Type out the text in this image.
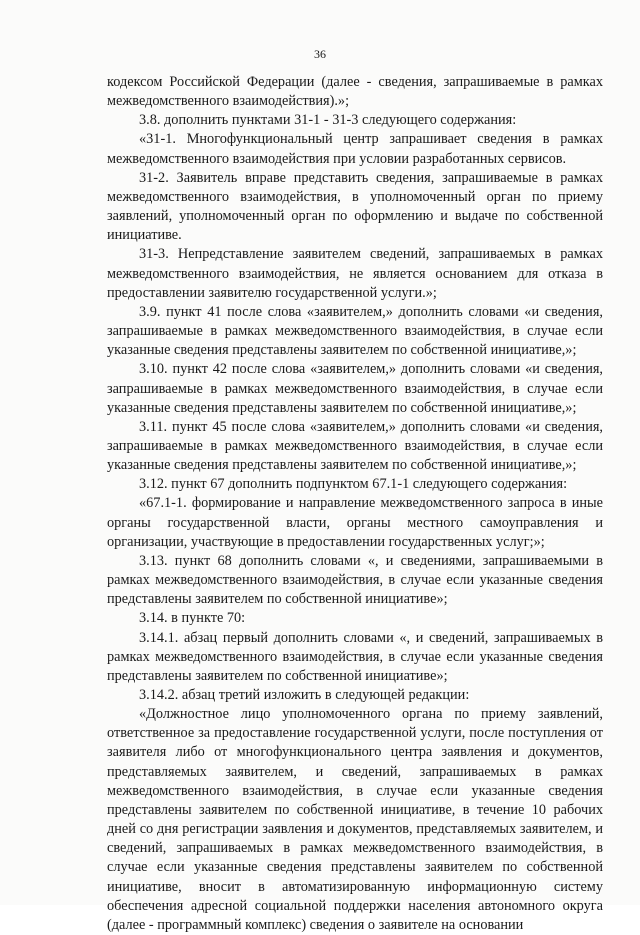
36

кодексом Российской Федерации (далее - сведения, запрашиваемые в рамках межведомственного взаимодействия).»;

3.8. дополнить пунктами 31-1 - 31-3 следующего содержания:

«31-1. Многофункциональный центр запрашивает сведения в рамках межведомственного взаимодействия при условии разработанных сервисов.

31-2. Заявитель вправе представить сведения, запрашиваемые в рамках межведомственного взаимодействия, в уполномоченный орган по приему заявлений, уполномоченный орган по оформлению и выдаче по собственной инициативе.

31-3. Непредставление заявителем сведений, запрашиваемых в рамках межведомственного взаимодействия, не является основанием для отказа в предоставлении заявителю государственной услуги.»;

3.9. пункт 41 после слова «заявителем,» дополнить словами «и сведения, запрашиваемые в рамках межведомственного взаимодействия, в случае если указанные сведения представлены заявителем по собственной инициативе,»;

3.10. пункт 42 после слова «заявителем,» дополнить словами «и сведения, запрашиваемые в рамках межведомственного взаимодействия, в случае если указанные сведения представлены заявителем по собственной инициативе,»;

3.11. пункт 45 после слова «заявителем,» дополнить словами «и сведения, запрашиваемые в рамках межведомственного взаимодействия, в случае если указанные сведения представлены заявителем по собственной инициативе,»;

3.12. пункт 67 дополнить подпунктом 67.1-1 следующего содержания:

«67.1-1. формирование и направление межведомственного запроса в иные органы государственной власти, органы местного самоуправления и организации, участвующие в предоставлении государственных услуг;»;

3.13. пункт 68 дополнить словами «, и сведениями, запрашиваемыми в рамках межведомственного взаимодействия, в случае если указанные сведения представлены заявителем по собственной инициативе»;

3.14. в пункте 70:

3.14.1. абзац первый дополнить словами «, и сведений, запрашиваемых в рамках межведомственного взаимодействия, в случае если указанные сведения представлены заявителем по собственной инициативе»;

3.14.2. абзац третий изложить в следующей редакции:

«Должностное лицо уполномоченного органа по приему заявлений, ответственное за предоставление государственной услуги, после поступления от заявителя либо от многофункционального центра заявления и документов, представляемых заявителем, и сведений, запрашиваемых в рамках межведомственного взаимодействия, в случае если указанные сведения представлены заявителем по собственной инициативе, в течение 10 рабочих дней со дня регистрации заявления и документов, представляемых заявителем, и сведений, запрашиваемых в рамках межведомственного взаимодействия, в случае если указанные сведения представлены заявителем по собственной инициативе, вносит в автоматизированную информационную систему обеспечения адресной социальной поддержки населения автономного округа (далее - программный комплекс) сведения о заявителе на основании
